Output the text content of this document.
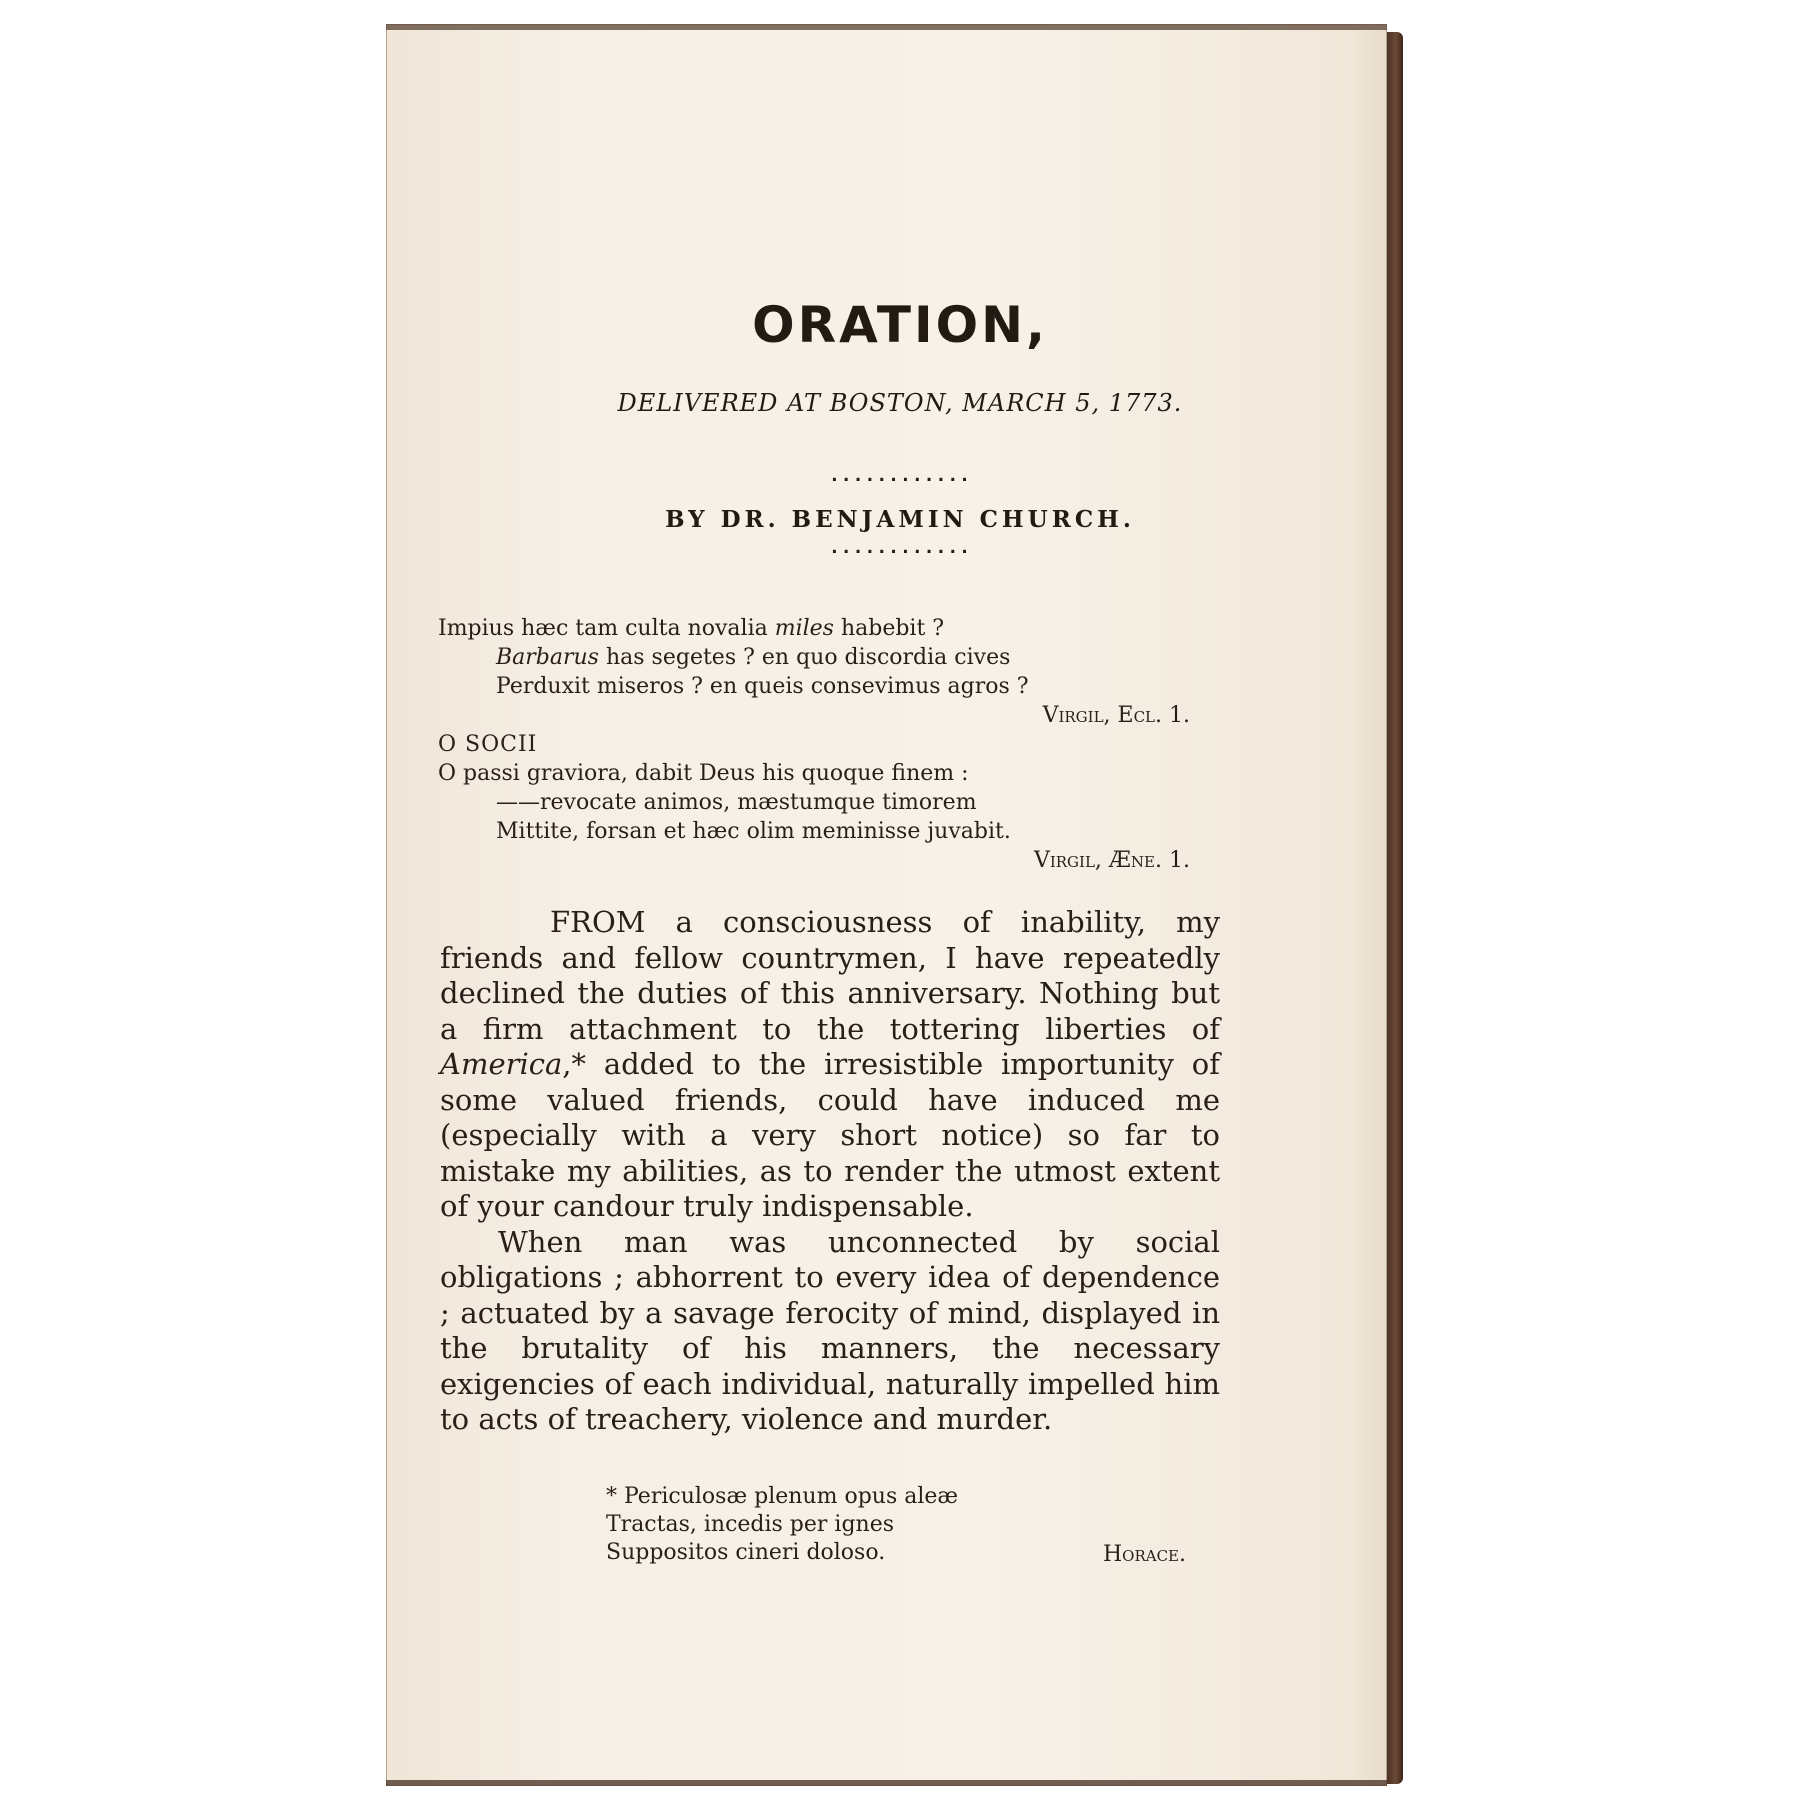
ORATION,
DELIVERED AT BOSTON, MARCH 5, 1773.
............
BY DR. BENJAMIN CHURCH.
............
Impius hæc tam culta novalia miles habebit ?
Barbarus has segetes ? en quo discordia cives
Perduxit miseros ? en queis consevimus agros ?
Virgil, Ecl. 1.
O SOCII
O passi graviora, dabit Deus his quoque finem :
——revocate animos, mæstumque timorem
Mittite, forsan et hæc olim meminisse juvabit.
Virgil, Æne. 1.

FROM a consciousness of inability, my friends and fellow countrymen, I have repeatedly declined the duties of this anniversary. Nothing but a firm attachment to the tottering liberties of America,* added to the irresistible importunity of some valued friends, could have induced me (especially with a very short notice) so far to mistake my abilities, as to render the utmost extent of your candour truly indispensable.

When man was unconnected by social obligations ; abhorrent to every idea of dependence ; actuated by a savage ferocity of mind, displayed in the brutality of his manners, the necessary exigencies of each individual, naturally impelled him to acts of treachery, violence and murder.

* Periculosæ plenum opus aleæ
Tractas, incedis per ignes
Suppositos cineri doloso.	Horace.
